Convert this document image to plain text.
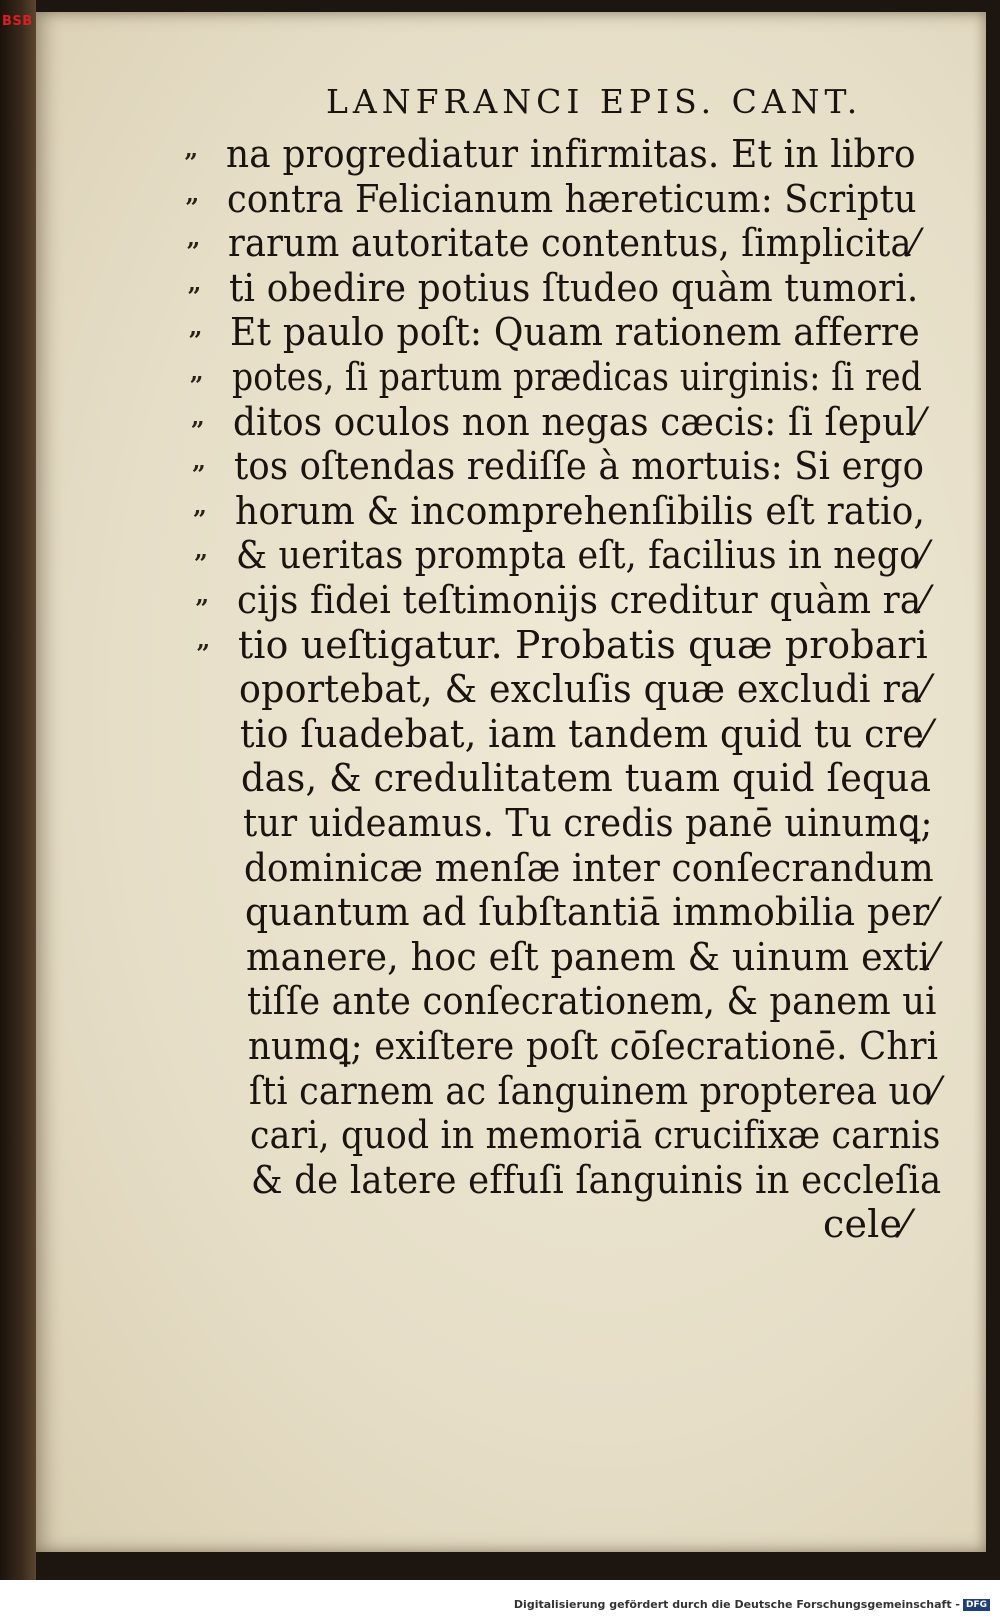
BSB
LANFRANCI EPIS. CANT.
na progrediatur infirmitas. Et in libro
”
contra Felicianum hæreticum: Scriptu
”
rarum autoritate contentus, ſimplicita⁄
”
ti obedire potius ſtudeo quàm tumori.
”
Et paulo poſt: Quam rationem afferre
”
potes, ſi partum prædicas uirginis: ſi red
”
ditos oculos non negas cæcis: ſi ſepul⁄
”
tos oſtendas rediſſe à mortuis: Si ergo
”
horum & incomprehenſibilis eſt ratio,
”
& ueritas prompta eſt, facilius in nego⁄
”
cijs fidei teſtimonijs creditur quàm ra⁄
”
tio ueſtigatur. Probatis quæ probari
”
oportebat, & excluſis quæ excludi ra⁄
tio ſuadebat, iam tandem quid tu cre⁄
das, & credulitatem tuam quid ſequa
tur uideamus. Tu credis panē uinumꝗ;
dominicæ menſæ inter conſecrandum
quantum ad ſubſtantiā immobilia per⁄
manere, hoc eſt panem & uinum exti⁄
tiſſe ante conſecrationem, & panem ui
numꝗ; exiſtere poſt cōſecrationē. Chri
ſti carnem ac ſanguinem propterea uo⁄
cari, quod in memoriā crucifixæ carnis
& de latere effuſi ſanguinis in eccleſia
cele⁄
Digitalisierung gefördert durch die Deutsche Forschungsgemeinschaft - DFG
